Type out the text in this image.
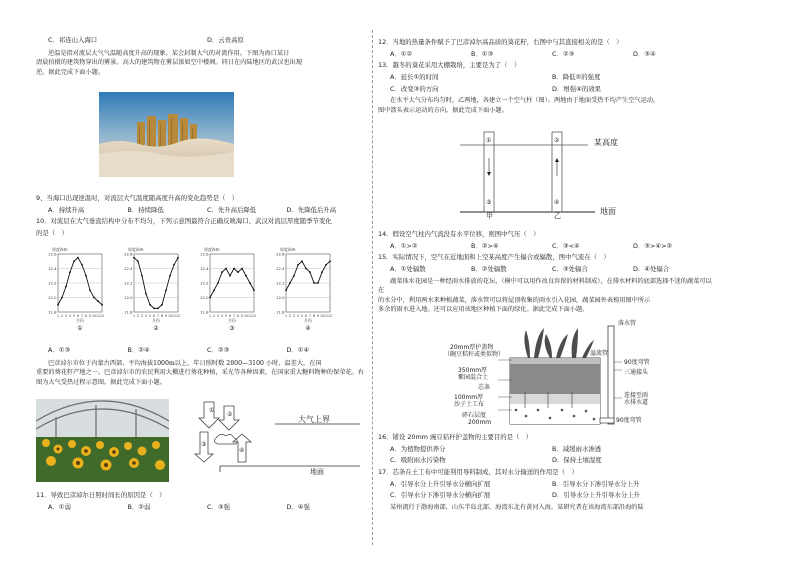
C．祁连山入海口	D．云贵高原
逆温是指对流层大气气温随高度升高的现象。某会封制大气的对流作用。下图为海口某日
清晨拍摄的建筑物穿出的雾景。高大的建筑物在雾层浓如空中楼阁。同日在内陆地区的武汉也出现
逆。据此完成下面小题。
9、当海口出现逆温时，对流层大气温度随高度升高的变化趋势是（　）
A．持续升高	B．持续降低	C．先升高后降低	D．先降低后升高
10．对流层在大气垂直结构中分布不均匀，下列示意图最符合正确反映海口、武汉对流层厚度随季节变化
的是（　）
11.8
12.0
12.2
12.4
12.6
厚度/km
1 2 3 4 5 6 7 8 9 10 11 12
月份
①
11.8
12.0
12.2
12.4
12.6
厚度/km
1 2 3 4 5 6 7 8 9 10 11 12
月份
②
11.8
12.0
12.2
12.4
12.6
厚度/km
1 2 3 4 5 6 7 8 9 10 11 12
月份
③
11.8
12.0
12.2
12.4
12.6
厚度/km
1 2 3 4 5 6 7 8 9 10 11 12
月份
④
A．①③	B．②④	C．②③	D．①④
巴彦淖尔市位于内蒙古西部，平均海拔1000m以上，年日照时数 2800—3100 小时，温差大，在国
重要的葵花籽产地之一。巴彦淖尔市的农民利用大棚进行葵花种植，采光等各种因素，在国家重大糖料物种的保荣花。右
图为大气受热过程示意图。据此完成下面小题。
①
②
③
④
大气上界
地面
11．导致巴彦淖尔日照时间长的原因是（　）
A．①弱	B．②弱	C．③强	D．④强
12．当地的热量条件赋予了巴彦淖尔高品质的葵花籽，右图中与其直接相关的是（　）
A．①②	B．①③	C．②③	D．③④
13．越冬的葵花采用大棚栽培，主要是为了（　）
A．延长①的时间	B．降低②的强度
C．改变③的方向	D．增强④的效果
在水平大气分布均匀时，乙两地，各建立一个空气柱（图）。两地由于地面受热不均产生空气运动。
图中箭头表示运动的方向。据此完成下面小题。
①	②
③	④
某高度
地面
甲	乙
14．假设空气柱内气流没有水平位移，则图中气压（　）
A．①>②	B．②>④	C．③<④	D．③>④>②
15．实际情况下，空气在近地面和上空某高度产生辐合或辐散，图中气流在（　）
A．①处辐散	B．②处辐散	C．③处辐合	D．④处辐合
蔬菜体水花园是一种经雨水排放的花坛，（横中可以用作改良容留的材料制成），在排水材料的底部选择不迷的蔬菜可以在
的水分中，利用两水来种植蔬菜，落水管可以将屋顶收集的雨水引入花园，蔬菜园外表植用图中所示
多余的雨水进入地。还可以应用该地区种植下面的绿化。据此完成下面小题。
20mm厚护盖物
（碗豆秸秆或类似物）
350mm厚
紫园混合土
芯条
100mm厚
沙子土工布
碎石层度
200mm
落水管
溢流管
90度弯管
三通接头
连接至雨
水排水道
90度弯管
16．铺设 20mm 豌豆秸秆护盖物的主要目的是（　）
A．为植物提供养分	B．减缓雨水渗透
C．吸附雨水污染物	D．保持土壤湿度
17．芯条在土工布中可能利用导料制成，其对水分输送的作用是（　）
A．引导水分上升引导水分横向扩展	B．引导水分下渗引导水分上升
C．引导水分下渗引导水分横向扩展	D．引导水分上升引导水分上升
某州流行于渤海南部，山东半岛北部，海湾东北有黄河入海。某研究者在该海湾东部沿海的陆
